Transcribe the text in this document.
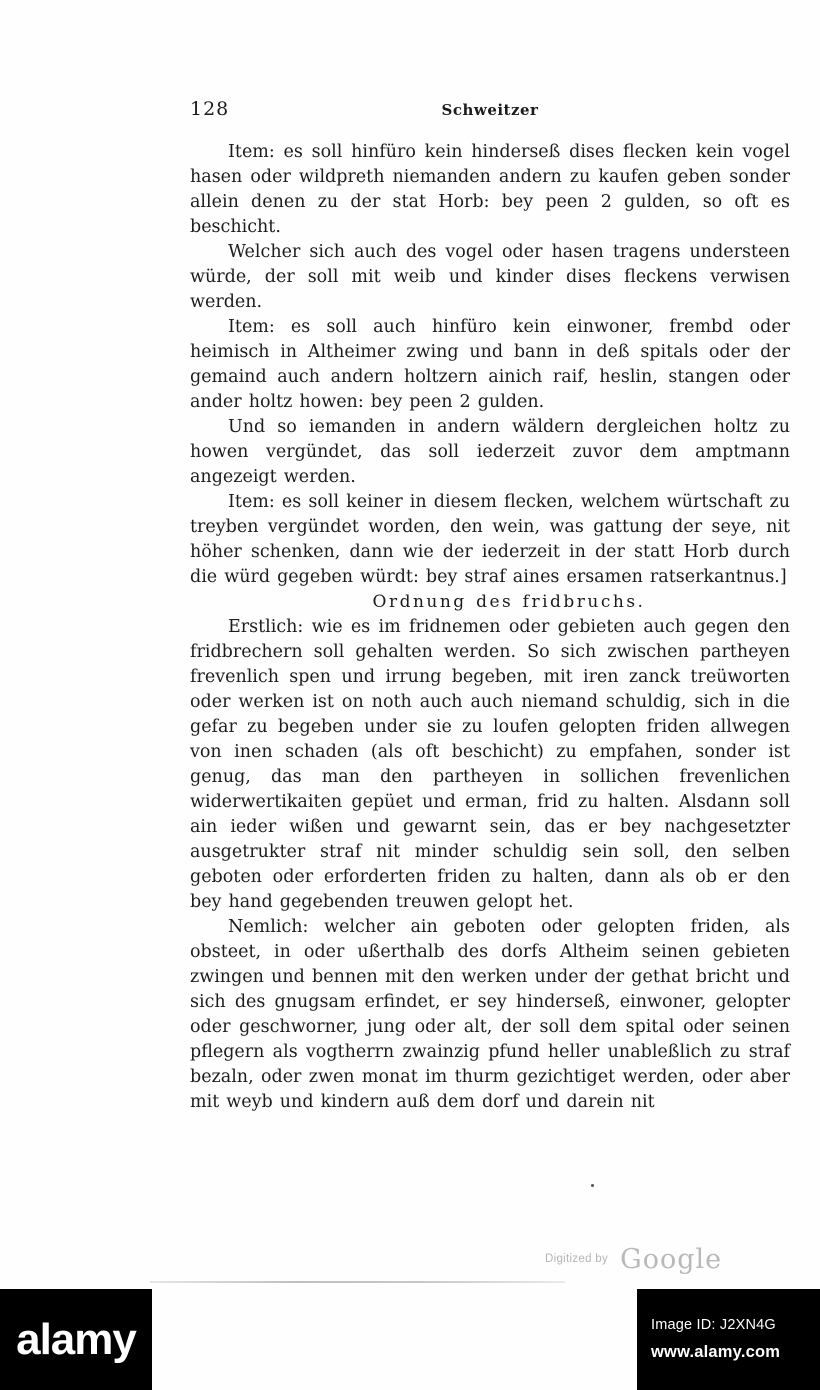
128	Schweitzer

Item: es soll hinfüro kein hinderseß dises flecken kein vogel hasen oder wildpreth niemanden andern zu kaufen geben sonder allein denen zu der stat Horb: bey peen 2 gulden, so oft es beschicht.

Welcher sich auch des vogel oder hasen tragens understeen würde, der soll mit weib und kinder dises fleckens verwisen werden.

Item: es soll auch hinfüro kein einwoner, frembd oder heimisch in Altheimer zwing und bann in deß spitals oder der gemaind auch andern holtzern ainich raif, heslin, stangen oder ander holtz howen: bey peen 2 gulden.

Und so iemanden in andern wäldern dergleichen holtz zu howen vergündet, das soll iederzeit zuvor dem amptmann angezeigt werden.

Item: es soll keiner in diesem flecken, welchem würtschaft zu treyben vergündet worden, den wein, was gattung der seye, nit höher schenken, dann wie der iederzeit in der statt Horb durch die würd gegeben würdt: bey straf aines ersamen ratserkantnus.]

Ordnung des fridbruchs.

Erstlich: wie es im fridnemen oder gebieten auch gegen den fridbrechern soll gehalten werden. So sich zwischen partheyen frevenlich spen und irrung begeben, mit iren zanck treüworten oder werken ist on noth auch auch niemand schuldig, sich in die gefar zu begeben under sie zu loufen gelopten friden allwegen von inen schaden (als oft beschicht) zu empfahen, sonder ist genug, das man den partheyen in sollichen frevenlichen widerwertikaiten gepüet und erman, frid zu halten. Alsdann soll ain ieder wißen und gewarnt sein, das er bey nachgesetzter ausgetrukter straf nit minder schuldig sein soll, den selben geboten oder erforderten friden zu halten, dann als ob er den bey hand gegebenden treuwen gelopt het.

Nemlich: welcher ain geboten oder gelopten friden, als obsteet, in oder ußerthalb des dorfs Altheim seinen gebieten zwingen und bennen mit den werken under der gethat bricht und sich des gnugsam erfindet, er sey hinderseß, einwoner, gelopter oder geschworner, jung oder alt, der soll dem spital oder seinen pflegern als vogtherrn zwainzig pfund heller unableßlich zu straf bezaln, oder zwen monat im thurm gezichtiget werden, oder aber mit weyb und kindern auß dem dorf und darein nit

$^{Digitized by}$ Google
alamy	Image ID: J2XN4G
www.alamy.com
